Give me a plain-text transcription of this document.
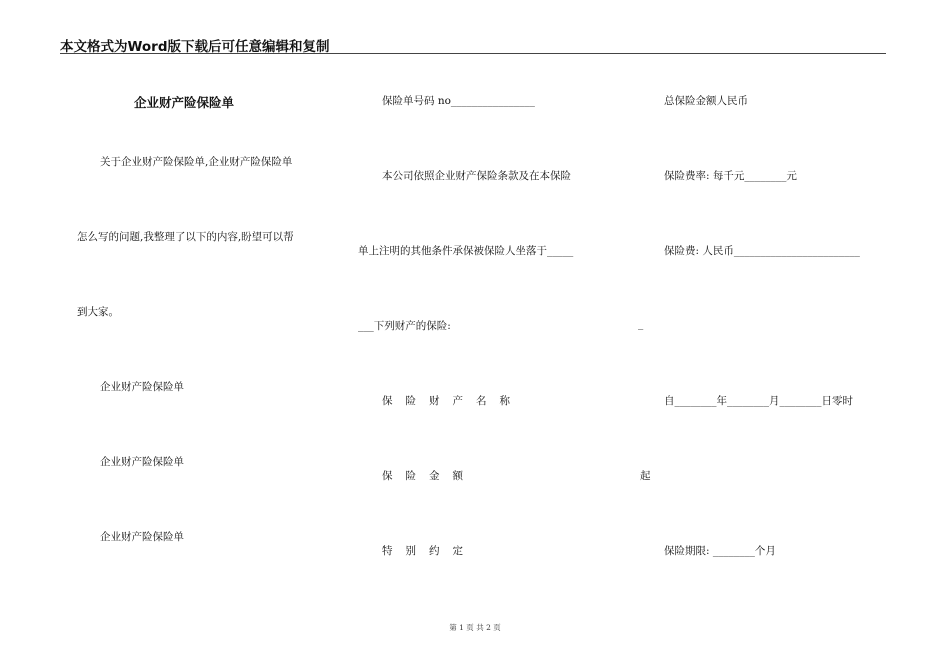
本文格式为Word版下载后可任意编辑和复制
企业财产险保险单
关于企业财产险保险单,企业财产险保险单
怎么写的问题,我整理了以下的内容,盼望可以帮
到大家。
企业财产险保险单
企业财产险保险单
企业财产险保险单
保险单号码 no________________
本公司依照企业财产保险条款及在本保险
单上注明的其他条件承保被保险人坐落于_____
___下列财产的保险:
保险财产名称
保险金额
特别约定
总保险金额人民币
保险费率: 每千元________元
保险费: 人民币________________________
_
自________年________月________日零时
起
保险期限: ________个月
第 1 页 共 2 页
